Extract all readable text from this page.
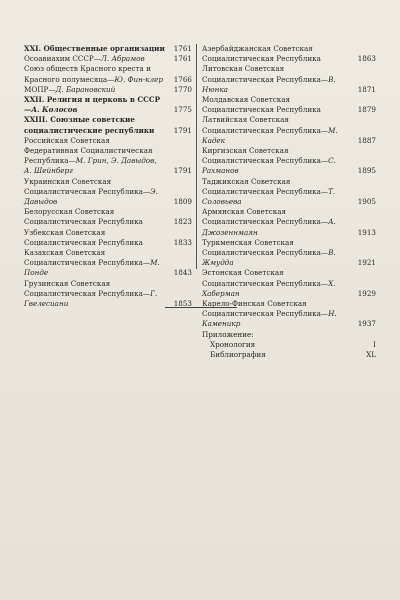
XXI. Общественные организации 1761
Осоавиахим СССР—Л. Абрамов	1761
Союз обществ Красного креста и Красного полумесяца—Ю. Фин-клер	1766
МОПР—Д. Барановский	1770
XXII. Религия и церковь в СССР—А. Колосов	1775
XXIII. Союзные советские социалистические республики	1791
Российская Советская Федеративная Социалистическая Республика—М. Грин, Э. Давыдов, А. Шейнберг	1791
Украинская Советская Социалистическая Республика—Э. Давыдов	1809
Белорусская Советская Социалистическая Республика	1823
Узбекская Советская Социалистическая Республика	1833
Казахская Советская Социалистическая Республика—М. Понде	1843
Грузинская Советская Социалистическая Республика—Г. Гвелесиани	1853
Азербайджанская Советская Социалистическая Республика	1863
Литовская Советская Социалистическая Республика—В. Нюнка	1871
Молдавская Советская Социалистическая Республика	1879
Латвийская Советская Социалистическая Республика—М. Кадек	1887
Киргизская Советская Социалистическая Республика—С. Рахманов	1895
Таджикская Советская Социалистическая Республика—Т. Соловьева	1905
Армянская Советская Социалистическая Республика—А. Джозеннмаян	1913
Туркменская Советская Социалистическая Республика—В. Жмудда	1921
Эстонская Советская Социалистическая Республика—Х. Хаберман	1929
Карело-Финская Советская Социалистическая Республика—Н. Каменикр	1937
Приложение:
Хронология	I
Библиография	XL
